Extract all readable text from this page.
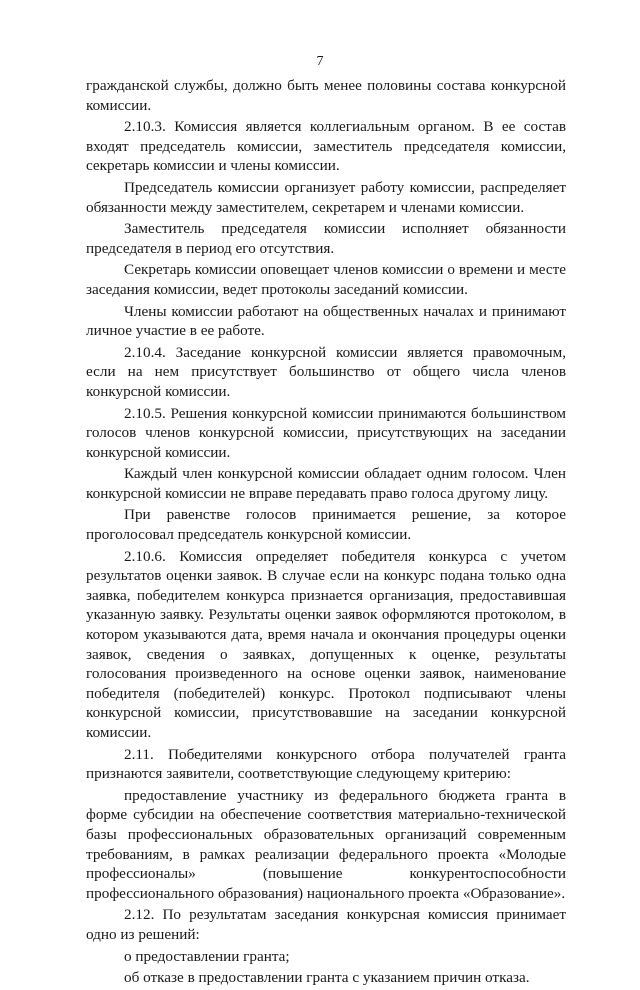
7

гражданской службы, должно быть менее половины состава конкурсной комиссии.

2.10.3. Комиссия является коллегиальным органом. В ее состав входят председатель комиссии, заместитель председателя комиссии, секретарь комиссии и члены комиссии.

Председатель комиссии организует работу комиссии, распределяет обязанности между заместителем, секретарем и членами комиссии.

Заместитель председателя комиссии исполняет обязанности председателя в период его отсутствия.

Секретарь комиссии оповещает членов комиссии о времени и месте заседания комиссии, ведет протоколы заседаний комиссии.

Члены комиссии работают на общественных началах и принимают личное участие в ее работе.

2.10.4. Заседание конкурсной комиссии является правомочным, если на нем присутствует большинство от общего числа членов конкурсной комиссии.

2.10.5. Решения конкурсной комиссии принимаются большинством голосов членов конкурсной комиссии, присутствующих на заседании конкурсной комиссии.

Каждый член конкурсной комиссии обладает одним голосом. Член конкурсной комиссии не вправе передавать право голоса другому лицу.

При равенстве голосов принимается решение, за которое проголосовал председатель конкурсной комиссии.

2.10.6. Комиссия определяет победителя конкурса с учетом результатов оценки заявок. В случае если на конкурс подана только одна заявка, победителем конкурса признается организация, предоставившая указанную заявку. Результаты оценки заявок оформляются протоколом, в котором указываются дата, время начала и окончания процедуры оценки заявок, сведения о заявках, допущенных к оценке, результаты голосования произведенного на основе оценки заявок, наименование победителя (победителей) конкурс. Протокол подписывают члены конкурсной комиссии, присутствовавшие на заседании конкурсной комиссии.

2.11. Победителями конкурсного отбора получателей гранта признаются заявители, соответствующие следующему критерию:

предоставление участнику из федерального бюджета гранта в форме субсидии на обеспечение соответствия материально-технической базы профессиональных образовательных организаций современным требованиям, в рамках реализации федерального проекта «Молодые профессионалы» (повышение конкурентоспособности профессионального образования) национального проекта «Образование».

2.12. По результатам заседания конкурсная комиссия принимает одно из решений:

о предоставлении гранта;

об отказе в предоставлении гранта с указанием причин отказа.
